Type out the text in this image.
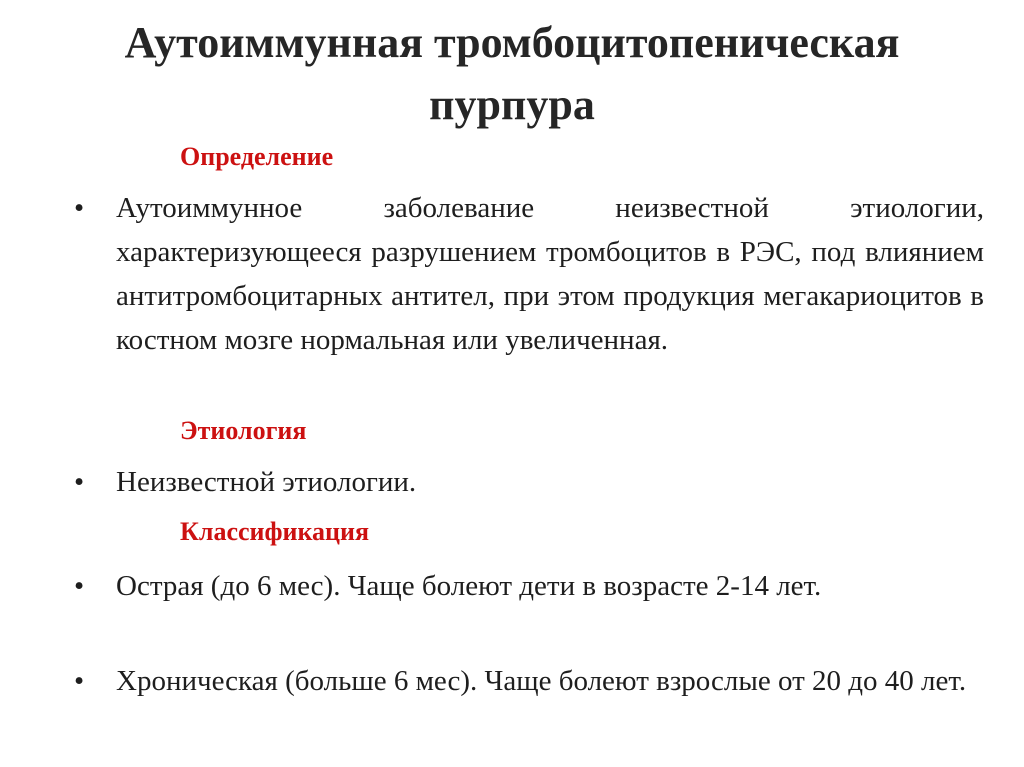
Аутоиммунная тромбоцитопеническая пурпура
Определение
•	Аутоиммунное заболевание неизвестной этиологии, характеризующееся разрушением тромбоцитов в РЭС, под влиянием антитромбоцитарных антител, при этом продукция мегакариоцитов в костном мозге нормальная или увеличенная.
Этиология
•	Неизвестной этиологии.
Классификация
•	Острая (до 6 мес). Чаще болеют дети в возрасте 2-14 лет.
•	Хроническая (больше 6 мес). Чаще болеют взрослые от 20 до 40 лет.
